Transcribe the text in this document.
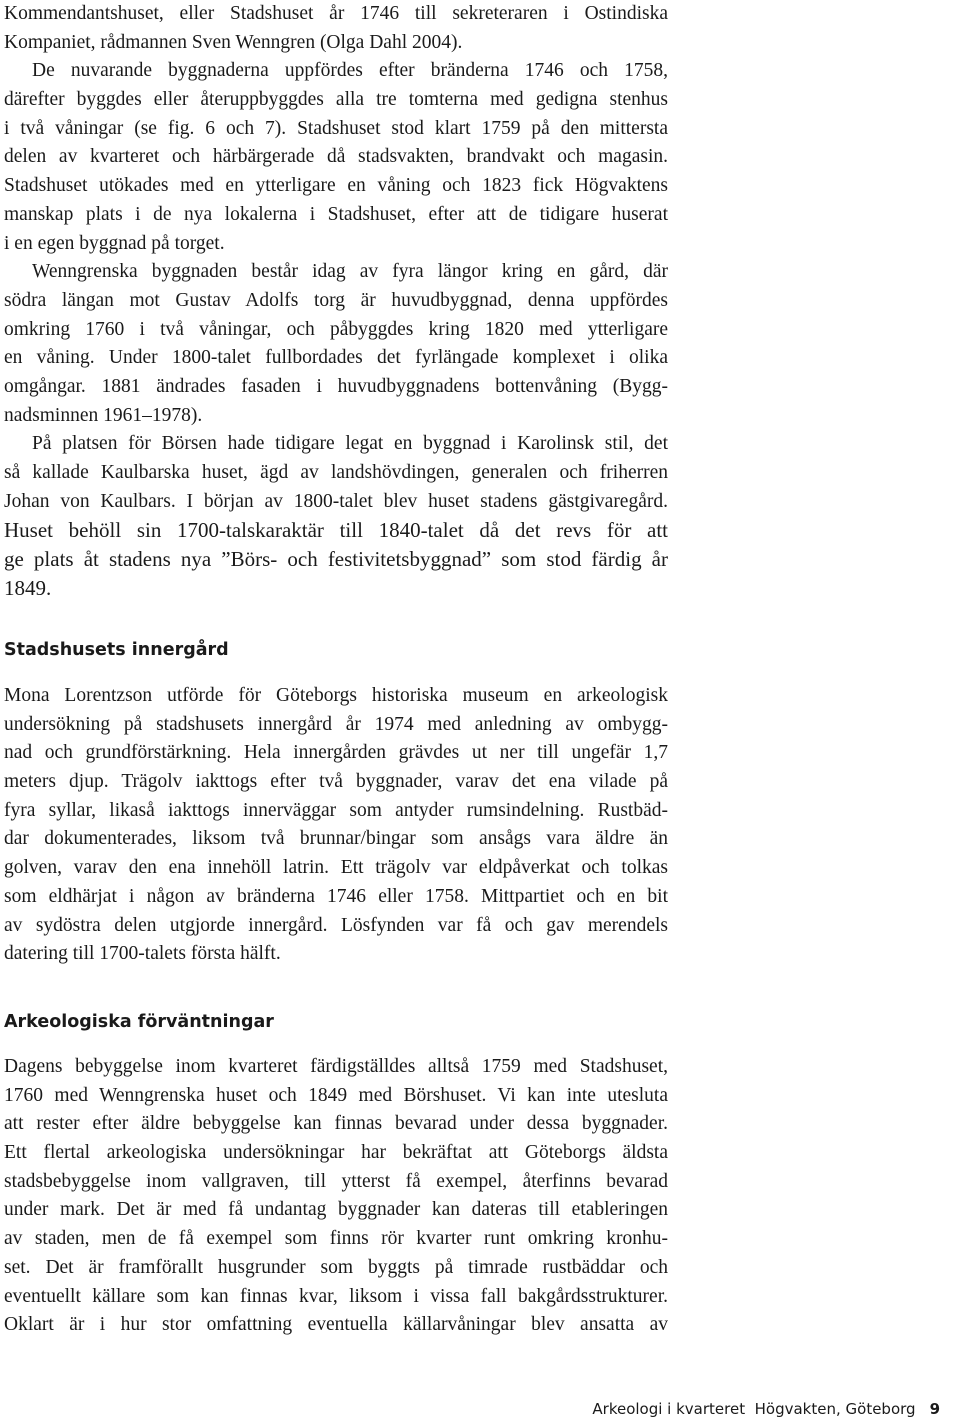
Kommendantshuset, eller Stadshuset år 1746 till sekreteraren i Ostindiska
Kompaniet, rådmannen Sven Wenngren (Olga Dahl 2004).
De nuvarande byggnaderna uppfördes efter bränderna 1746 och 1758,
därefter byggdes eller återuppbyggdes alla tre tomterna med gedigna stenhus
i två våningar (se fig. 6 och 7). Stadshuset stod klart 1759 på den mittersta
delen av kvarteret och härbärgerade då stadsvakten, brandvakt och magasin.
Stadshuset utökades med en ytterligare en våning och 1823 fick Högvaktens
manskap plats i de nya lokalerna i Stadshuset, efter att de tidigare huserat
i en egen byggnad på torget.
Wenngrenska byggnaden består idag av fyra längor kring en gård, där
södra längan mot Gustav Adolfs torg är huvudbyggnad, denna uppfördes
omkring 1760 i två våningar, och påbyggdes kring 1820 med ytterligare
en våning. Under 1800-talet fullbordades det fyrlängade komplexet i olika
omgångar. 1881 ändrades fasaden i huvudbyggnadens bottenvåning (Bygg-
nadsminnen 1961–1978).
På platsen för Börsen hade tidigare legat en byggnad i Karolinsk stil, det
så kallade Kaulbarska huset, ägd av landshövdingen, generalen och friherren
Johan von Kaulbars. I början av 1800-talet blev huset stadens gästgivaregård.
Huset behöll sin 1700-talskaraktär till 1840-talet då det revs för att
ge plats åt stadens nya ”Börs- och festivitetsbyggnad” som stod färdig år
1849.
Stadshusets innergård
Mona Lorentzson utförde för Göteborgs historiska museum en arkeologisk
undersökning på stadshusets innergård år 1974 med anledning av ombygg-
nad och grundförstärkning. Hela innergården grävdes ut ner till ungefär 1,7
meters djup. Trägolv iakttogs efter två byggnader, varav det ena vilade på
fyra syllar, likaså iakttogs innerväggar som antyder rumsindelning. Rustbäd-
dar dokumenterades, liksom två brunnar/bingar som ansågs vara äldre än
golven, varav den ena innehöll latrin. Ett trägolv var eldpåverkat och tolkas
som eldhärjat i någon av bränderna 1746 eller 1758. Mittpartiet och en bit
av sydöstra delen utgjorde innergård. Lösfynden var få och gav merendels
datering till 1700-talets första hälft.
Arkeologiska förväntningar
Dagens bebyggelse inom kvarteret färdigställdes alltså 1759 med Stadshuset,
1760 med Wenngrenska huset och 1849 med Börshuset. Vi kan inte utesluta
att rester efter äldre bebyggelse kan finnas bevarad under dessa byggnader.
Ett flertal arkeologiska undersökningar har bekräftat att Göteborgs äldsta
stadsbebyggelse inom vallgraven, till ytterst få exempel, återfinns bevarad
under mark. Det är med få undantag byggnader kan dateras till etableringen
av staden, men de få exempel som finns rör kvarter runt omkring kronhu-
set. Det är framförallt husgrunder som byggts på timrade rustbäddar och
eventuellt källare som kan finnas kvar, liksom i vissa fall bakgårdsstrukturer.
Oklart är i hur stor omfattning eventuella källarvåningar blev ansatta av
Arkeologi i kvarteret  Högvakten, Göteborg 9
